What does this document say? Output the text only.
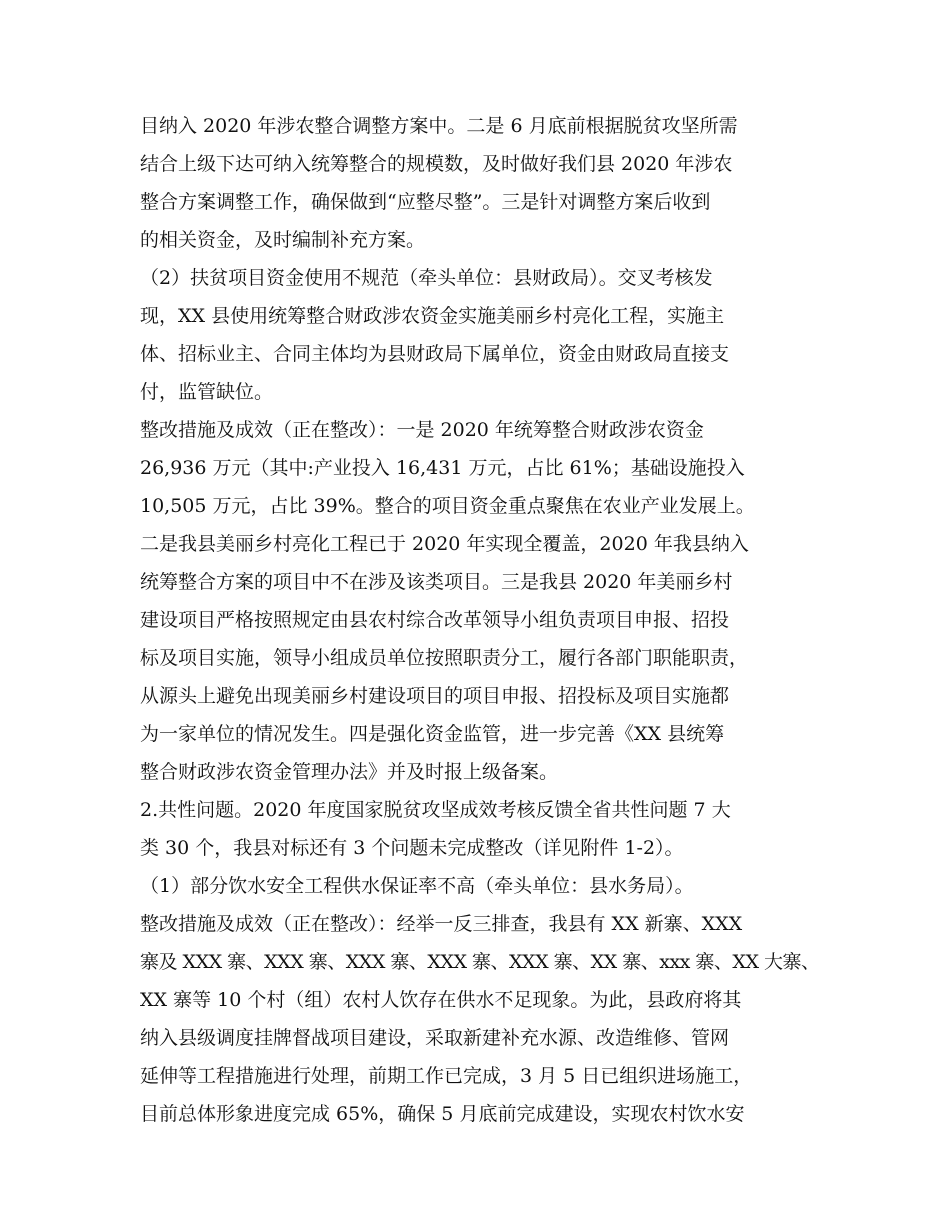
目纳入 2020 年涉农整合调整方案中。二是 6 月底前根据脱贫攻坚所需
结合上级下达可纳入统筹整合的规模数，及时做好我们县 2020 年涉农
整合方案调整工作，确保做到“应整尽整”。三是针对调整方案后收到
的相关资金，及时编制补充方案。
（2）扶贫项目资金使用不规范（牵头单位：县财政局）。交叉考核发
现，XX 县使用统筹整合财政涉农资金实施美丽乡村亮化工程，实施主
体、招标业主、合同主体均为县财政局下属单位，资金由财政局直接支
付，监管缺位。
整改措施及成效（正在整改）：一是 2020 年统筹整合财政涉农资金
26,936 万元（其中:产业投入 16,431 万元，占比 61%；基础设施投入
10,505 万元，占比 39%。整合的项目资金重点聚焦在农业产业发展上。
二是我县美丽乡村亮化工程已于 2020 年实现全覆盖，2020 年我县纳入
统筹整合方案的项目中不在涉及该类项目。三是我县 2020 年美丽乡村
建设项目严格按照规定由县农村综合改革领导小组负责项目申报、招投
标及项目实施，领导小组成员单位按照职责分工，履行各部门职能职责，
从源头上避免出现美丽乡村建设项目的项目申报、招投标及项目实施都
为一家单位的情况发生。四是强化资金监管，进一步完善《XX 县统筹
整合财政涉农资金管理办法》并及时报上级备案。
2.共性问题。2020 年度国家脱贫攻坚成效考核反馈全省共性问题 7 大
类 30 个，我县对标还有 3 个问题未完成整改（详见附件 1-2）。
（1）部分饮水安全工程供水保证率不高（牵头单位：县水务局）。
整改措施及成效（正在整改）：经举一反三排查，我县有 XX 新寨、XXX
寨及 XXX 寨、XXX 寨、XXX 寨、XXX 寨、XXX 寨、XX 寨、xxx 寨、XX 大寨、
XX 寨等 10 个村（组）农村人饮存在供水不足现象。为此，县政府将其
纳入县级调度挂牌督战项目建设，采取新建补充水源、改造维修、管网
延伸等工程措施进行处理，前期工作已完成，3 月 5 日已组织进场施工，
目前总体形象进度完成 65%，确保 5 月底前完成建设，实现农村饮水安
